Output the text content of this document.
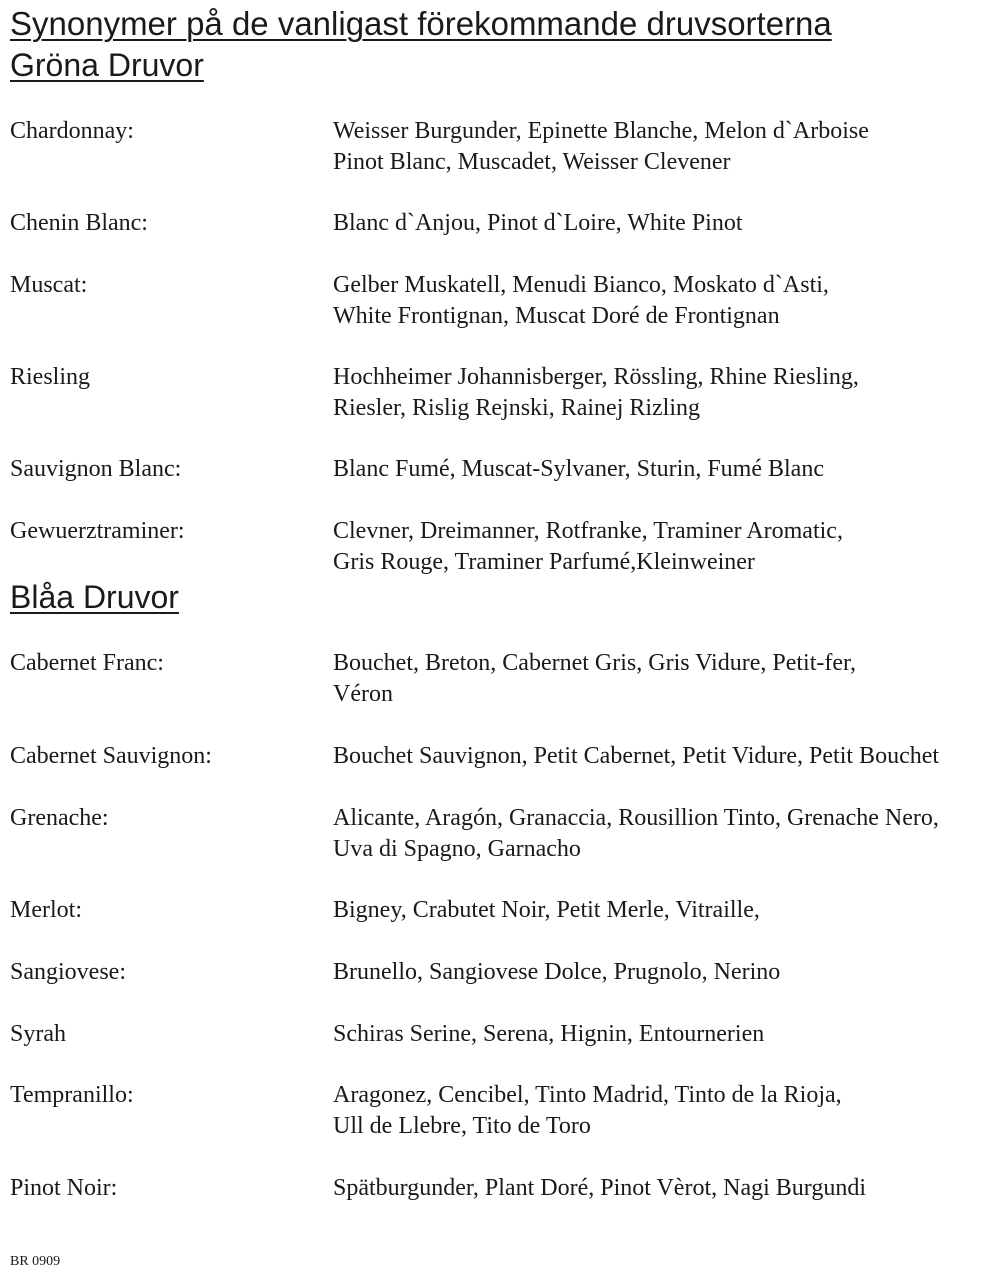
Synonymer på de vanligast förekommande druvsorterna
Gröna Druvor
Chardonnay:	Weisser Burgunder, Epinette Blanche, Melon d`Arboise
Pinot Blanc, Muscadet, Weisser Clevener
Chenin Blanc:	Blanc d`Anjou, Pinot d`Loire, White Pinot
Muscat:	Gelber Muskatell, Menudi Bianco, Moskato d`Asti,
White Frontignan, Muscat Doré de Frontignan
Riesling	Hochheimer Johannisberger, Rössling, Rhine Riesling,
Riesler, Rislig Rejnski, Rainej Rizling
Sauvignon Blanc:	Blanc Fumé, Muscat-Sylvaner, Sturin, Fumé Blanc
Gewuerztraminer:	Clevner, Dreimanner, Rotfranke, Traminer Aromatic,
Gris Rouge, Traminer Parfumé,Kleinweiner
Blåa Druvor
Cabernet Franc:	Bouchet, Breton, Cabernet Gris, Gris Vidure, Petit-fer,
Véron
Cabernet Sauvignon:	Bouchet Sauvignon, Petit Cabernet, Petit Vidure, Petit Bouchet
Grenache:	Alicante, Aragón, Granaccia, Rousillion Tinto, Grenache Nero,
Uva di Spagno, Garnacho
Merlot:	Bigney, Crabutet Noir, Petit Merle, Vitraille,
Sangiovese:	Brunello, Sangiovese Dolce, Prugnolo, Nerino
Syrah	Schiras Serine, Serena, Hignin, Entournerien
Tempranillo:	Aragonez, Cencibel, Tinto Madrid, Tinto de la Rioja,
Ull de Llebre, Tito de Toro
Pinot Noir:	Spätburgunder, Plant Doré, Pinot Vèrot, Nagi Burgundi
BR 0909
